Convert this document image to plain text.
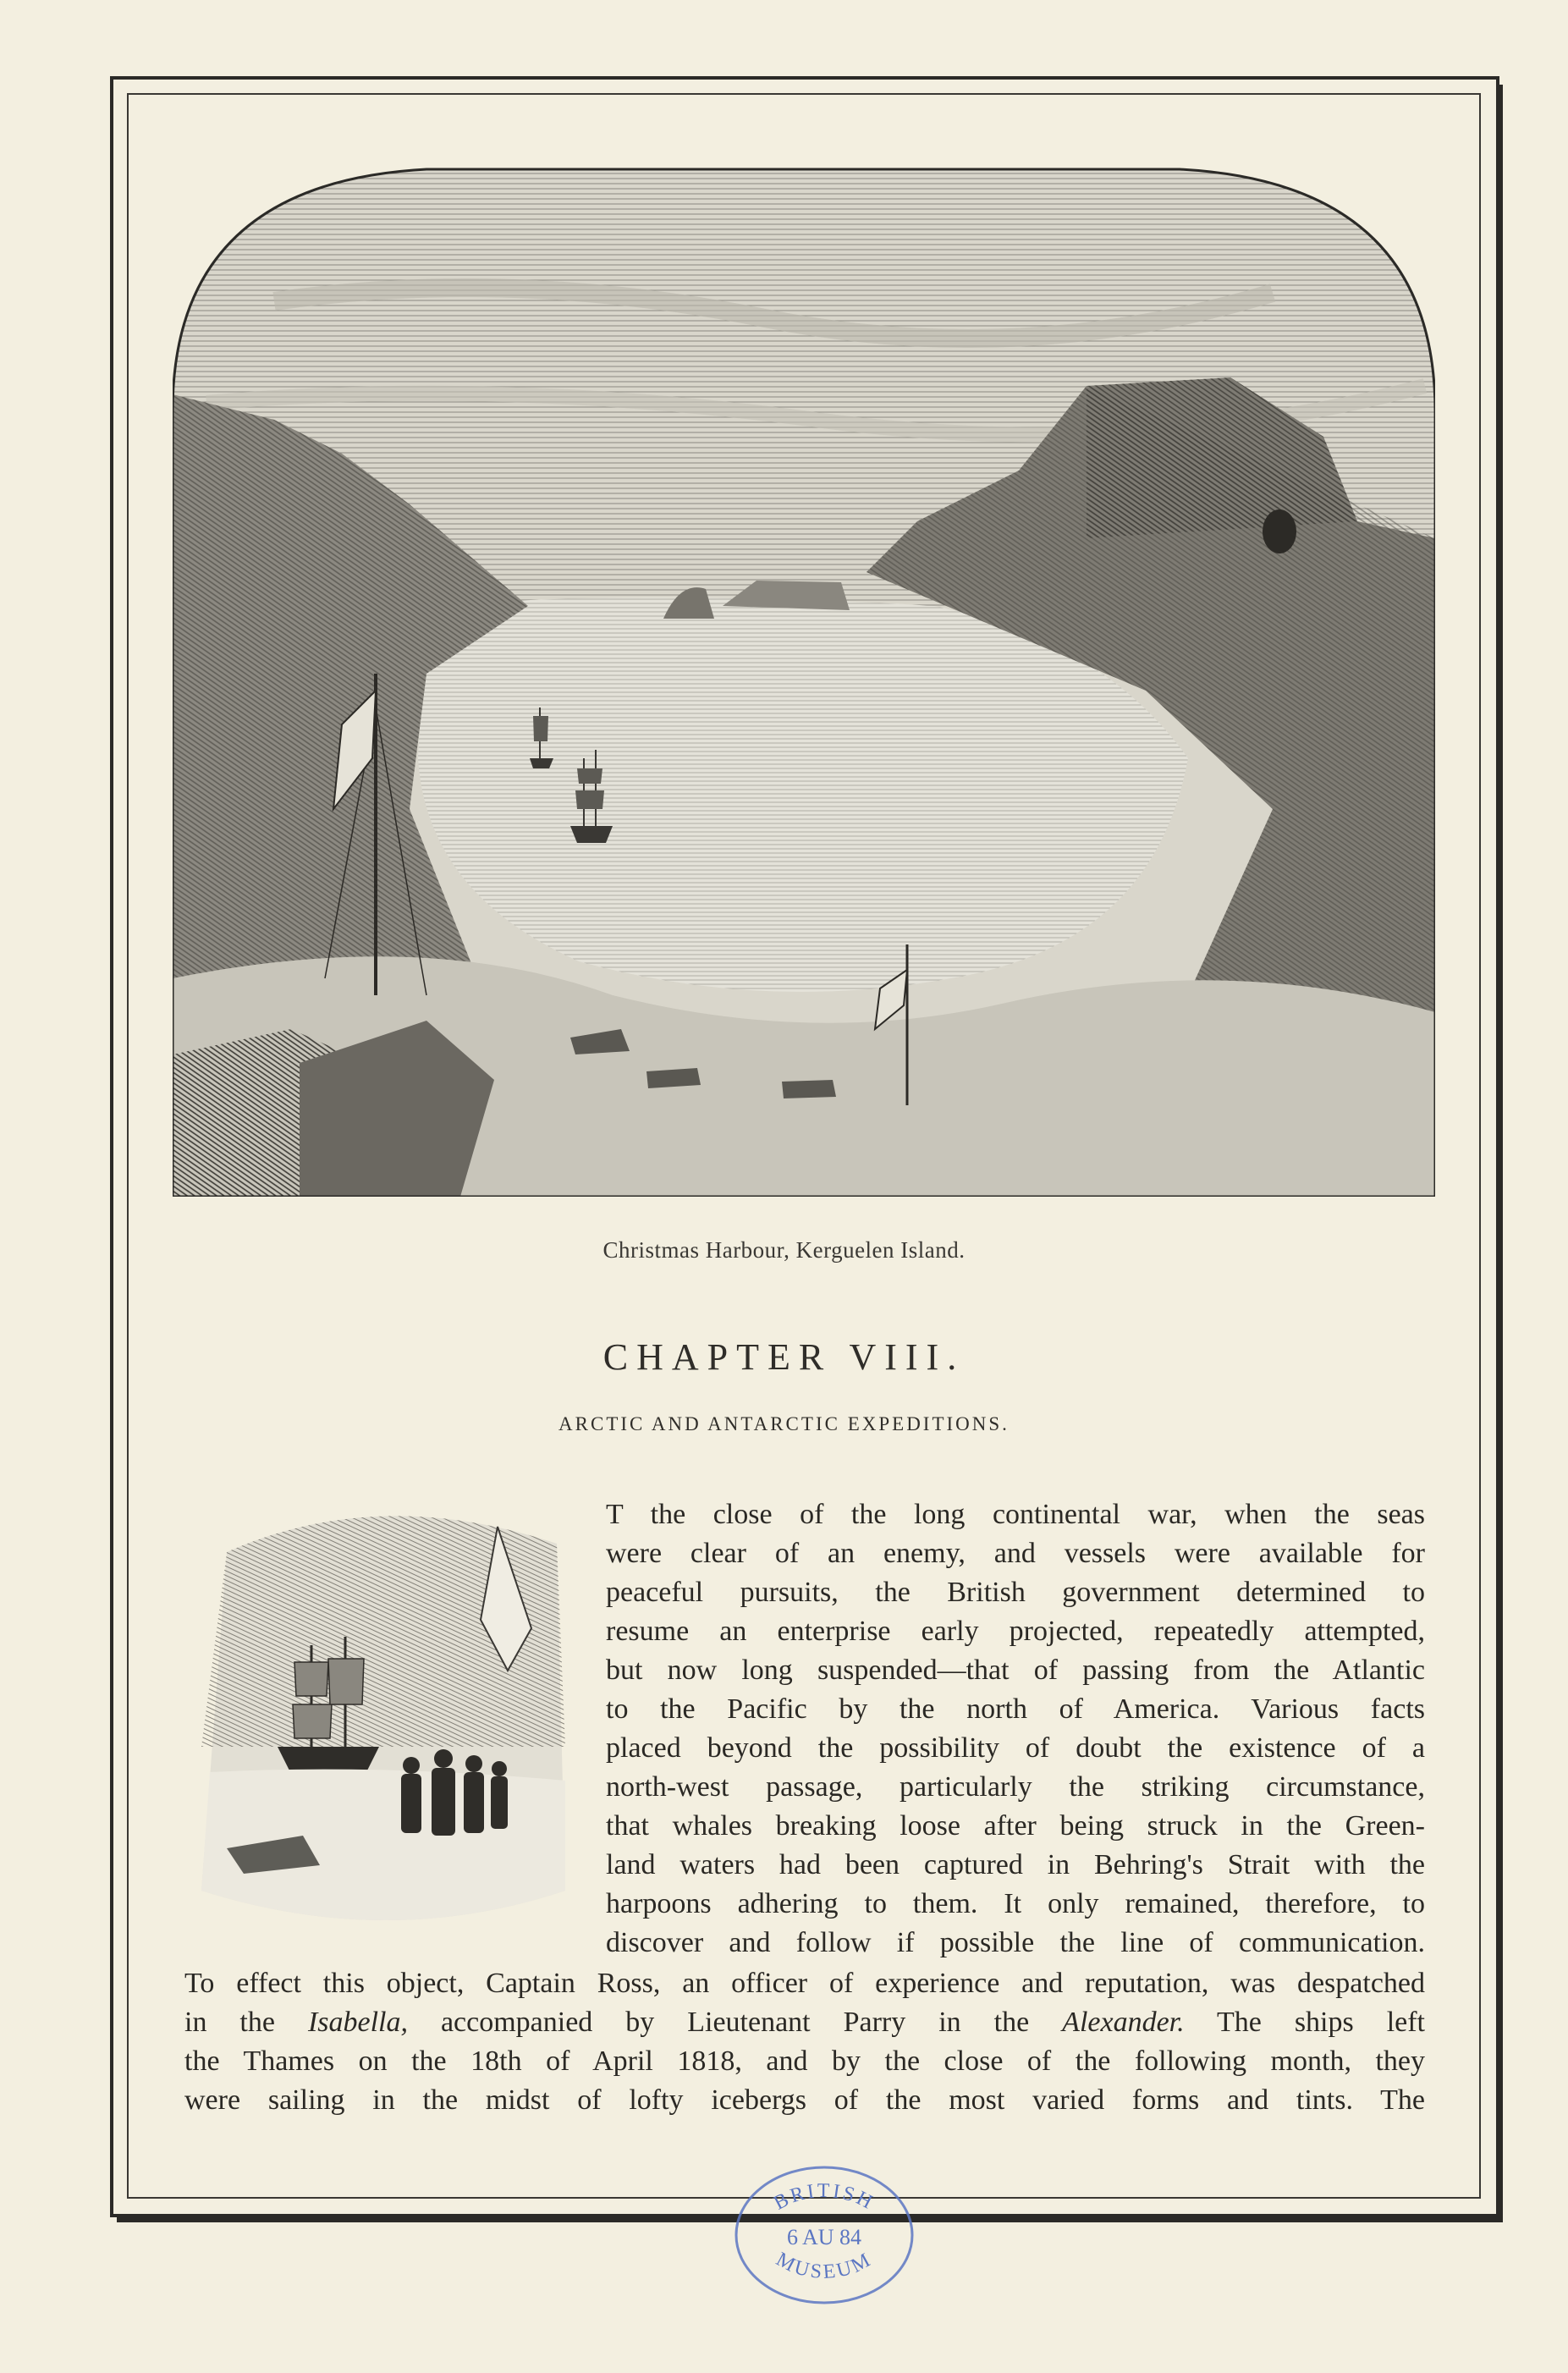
Christmas Harbour, Kerguelen Island.
CHAPTER VIII.
ARCTIC AND ANTARCTIC EXPEDITIONS.
T the close of the long continental war, when the seas
were clear of an enemy, and vessels were available for
peaceful pursuits, the British government determined to
resume an enterprise early projected, repeatedly attempted,
but now long suspended—that of passing from the Atlantic
to the Pacific by the north of America. Various facts
placed beyond the possibility of doubt the existence of a
north-west passage, particularly the striking circumstance,
that whales breaking loose after being struck in the Green-
land waters had been captured in Behring's Strait with the
harpoons adhering to them. It only remained, therefore, to
discover and follow if possible the line of communication.
To effect this object, Captain Ross, an officer of experience and reputation, was despatched
in the Isabella, accompanied by Lieutenant Parry in the Alexander. The ships left
the Thames on the 18th of April 1818, and by the close of the following month, they
were sailing in the midst of lofty icebergs of the most varied forms and tints. The
BRITISH
6 AU 84
MUSEUM
